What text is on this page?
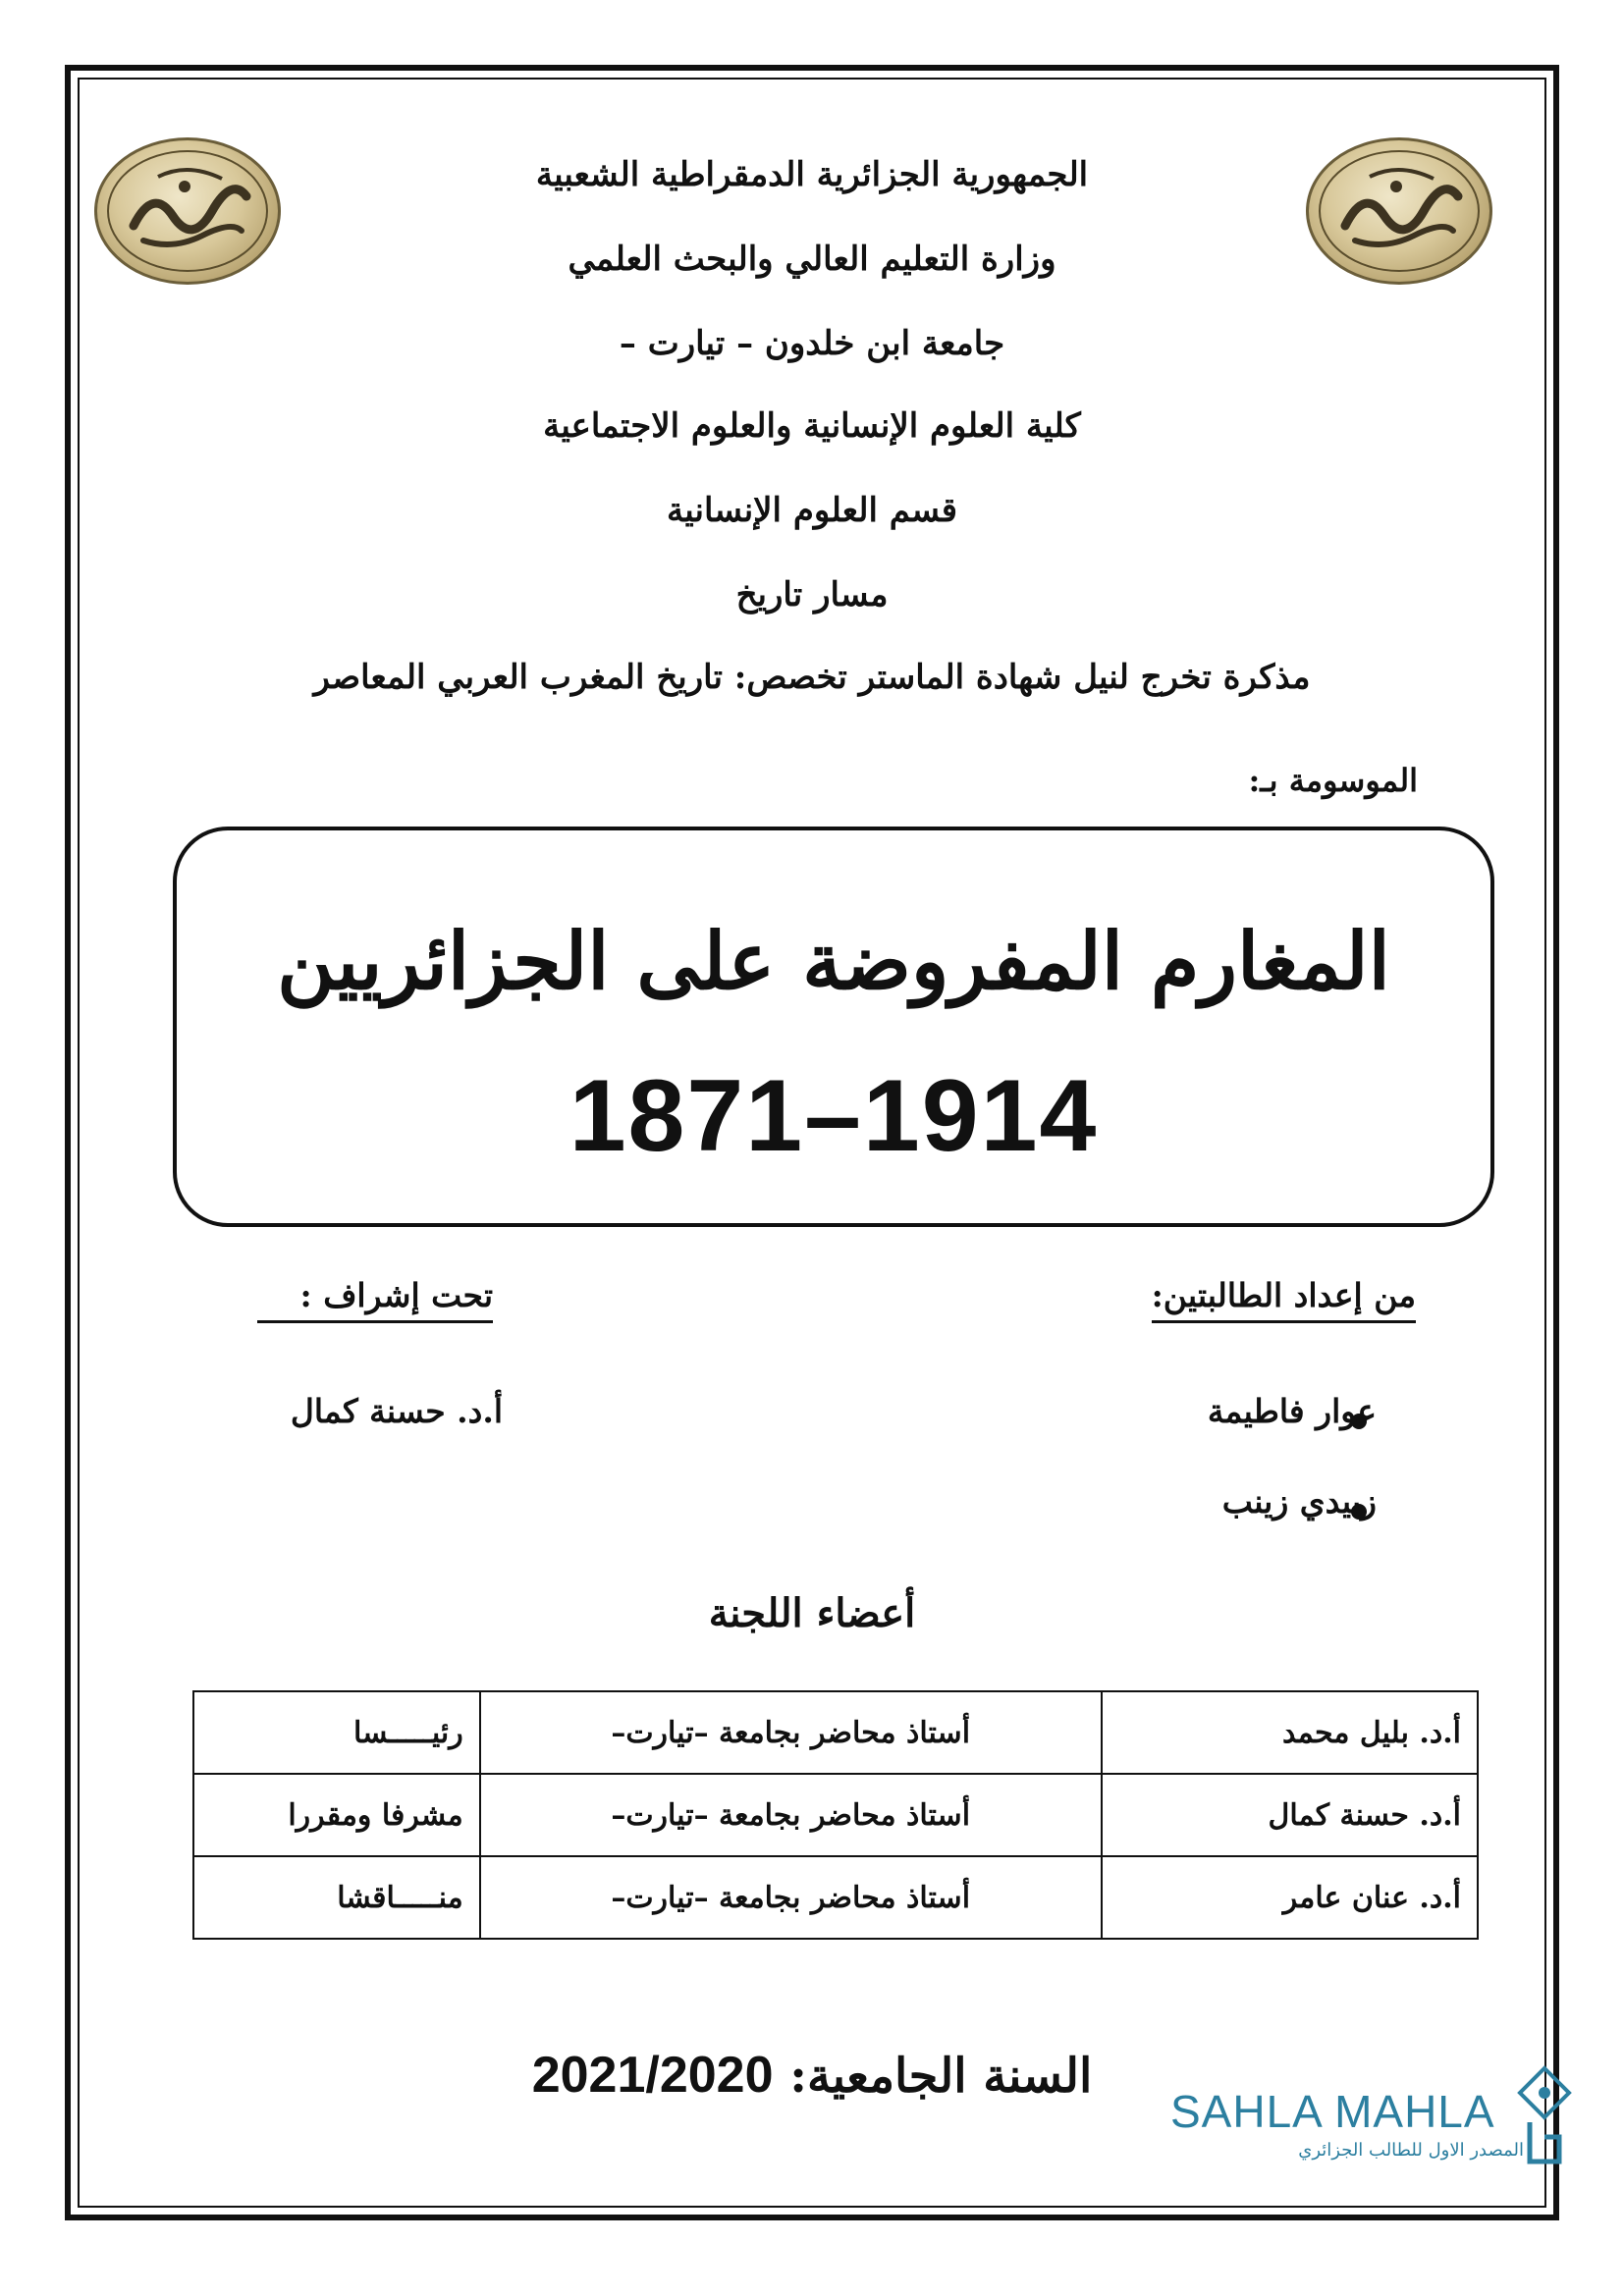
الجمهورية الجزائرية الدمقراطية الشعبية
وزارة التعليم العالي والبحث العلمي
جامعة ابن خلدون – تيارت –
كلية العلوم الإنسانية والعلوم الاجتماعية
قسم العلوم الإنسانية
مسار تاريخ
مذكرة تخرج لنيل شهادة الماستر تخصص: تاريخ المغرب العربي المعاصر
الموسومة بـ:
المغارم المفروضة على الجزائريين
1871–1914
من إعداد الطالبتين:
تحت إشراف :
أ.د. حسنة كمال	عوار فاطيمة
زبيدي زينب
أعضاء اللجنة
أ.د. بليل محمد	أستاذ محاضر بجامعة –تيارت–	رئيـــــسا
أ.د. حسنة كمال	أستاذ محاضر بجامعة –تيارت–	مشرفا ومقررا
أ.د. عنان عامر	أستاذ محاضر بجامعة –تيارت–	منـــــاقشا
السنة الجامعية: 2021/2020
SAHLA MAHLA
المصدر الاول للطالب الجزائري
